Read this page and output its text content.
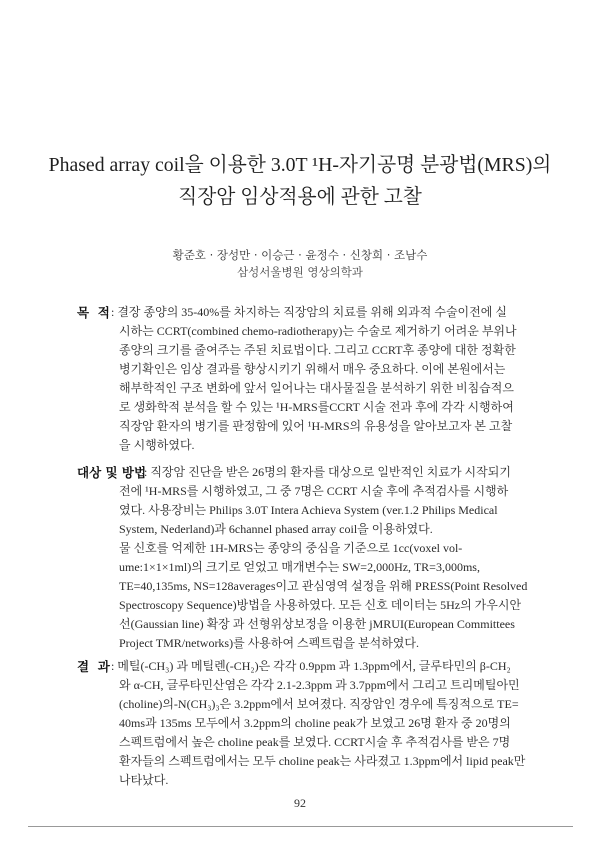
Phased array coil을 이용한 3.0T ¹H-자기공명 분광법(MRS)의
직장암 임상적용에 관한 고찰
황준호 · 장성만 · 이승근 · 윤정수 · 신창희 · 조남수
삼성서울병원 영상의학과
목  적 : 결장 종양의 35-40%를 차지하는 직장암의 치료를 위해 외과적 수술이전에 실
시하는 CCRT(combined chemo-radiotherapy)는 수술로 제거하기 어려운 부위나
종양의 크기를 줄여주는 주된 치료법이다. 그리고 CCRT후 종양에 대한 정확한
병기확인은 임상 결과를 향상시키기 위해서 매우 중요하다. 이에 본원에서는
해부학적인 구조 변화에 앞서 일어나는 대사물질을 분석하기 위한 비침습적으
로 생화학적 분석을 할 수 있는 ¹H-MRS를CCRT 시술 전과 후에 각각 시행하여
직장암 환자의 병기를 판정함에 있어 ¹H-MRS의 유용성을 알아보고자 본 고찰
을 시행하였다.
대상 및 방법
: 직장암 진단을 받은 26명의 환자를 대상으로 일반적인 치료가 시작되기
전에 ¹H-MRS를 시행하였고, 그 중 7명은 CCRT 시술 후에 추적검사를 시행하
였다. 사용장비는 Philips 3.0T Intera Achieva System (ver.1.2 Philips Medical
System, Nederland)과 6channel phased array coil을 이용하였다.
물 신호를 억제한 1H-MRS는 종양의 중심을 기준으로 1cc(voxel vol-
ume:1×1×1ml)의 크기로 얻었고 매개변수는 SW=2,000Hz, TR=3,000ms,
TE=40,135ms, NS=128averages이고 관심영역 설정을 위해 PRESS(Point Resolved
Spectroscopy Sequence)방법을 사용하였다. 모든 신호 데이터는 5Hz의 가우시안
선(Gaussian line) 확장 과 선형위상보정을 이용한 jMRUI(European Committees
Project TMR/networks)를 사용하여 스펙트럼을 분석하였다.
결  과 : 메틸(-CH₃) 과 메틸렌(-CH₂)은 각각 0.9ppm 과 1.3ppm에서, 글루타민의 β-CH₂
와 α-CH, 글루타민산염은 각각 2.1-2.3ppm 과 3.7ppm에서 그리고 트리메틸아민
(choline)의-N(CH₃)₃은 3.2ppm에서 보여졌다. 직장암인 경우에 특징적으로 TE=
40ms과 135ms 모두에서 3.2ppm의 choline peak가 보였고 26명 환자 중 20명의
스펙트럼에서 높은 choline peak를 보였다. CCRT시술 후 추적검사를 받은 7명
환자들의 스펙트럼에서는 모두 choline peak는 사라졌고 1.3ppm에서 lipid peak만
나타났다.
92
